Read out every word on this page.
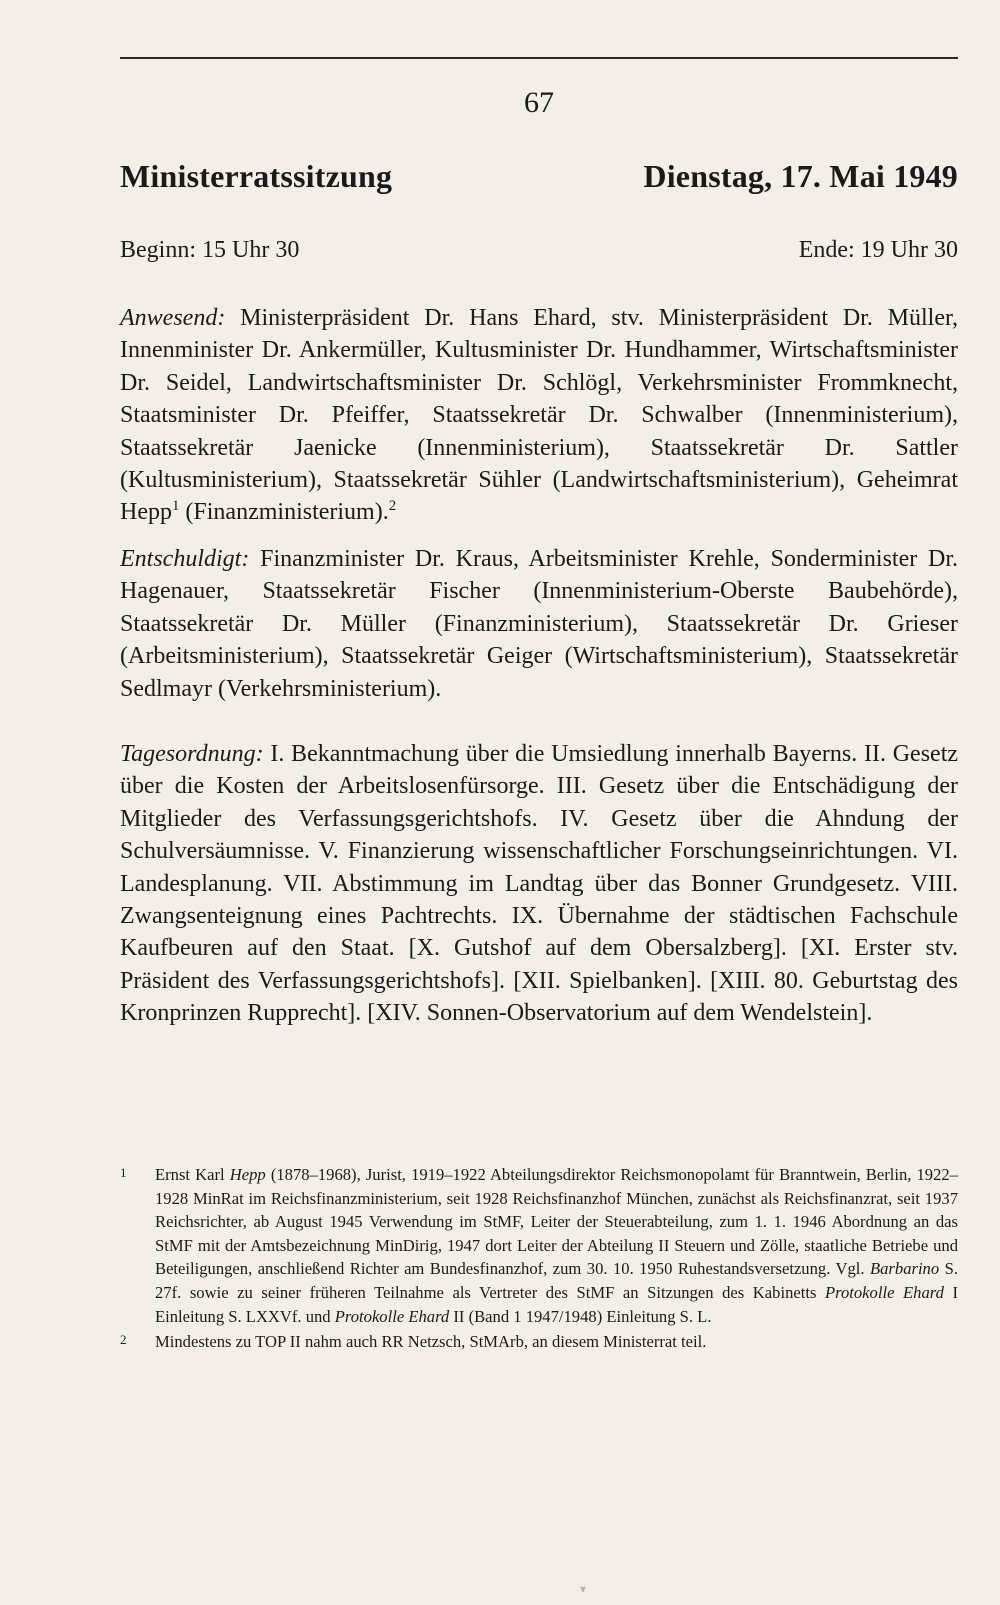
67
Ministerratssitzung	Dienstag, 17. Mai 1949
Beginn: 15 Uhr 30	Ende: 19 Uhr 30
Anwesend: Ministerpräsident Dr. Hans Ehard, stv. Ministerpräsident Dr. Müller, Innenminister Dr. Ankermüller, Kultusminister Dr. Hundhammer, Wirtschaftsminister Dr. Seidel, Landwirtschaftsminister Dr. Schlögl, Verkehrsminister Frommknecht, Staatsminister Dr. Pfeiffer, Staatssekretär Dr. Schwalber (Innenministerium), Staatssekretär Jaenicke (Innenministerium), Staatssekretär Dr. Sattler (Kultusministerium), Staatssekretär Sühler (Landwirtschaftsministerium), Geheimrat Hepp$^1$ (Finanzministerium).$^2$
Entschuldigt: Finanzminister Dr. Kraus, Arbeitsminister Krehle, Sonderminister Dr. Hagenauer, Staatssekretär Fischer (Innenministerium-Oberste Baubehörde), Staatssekretär Dr. Müller (Finanzministerium), Staatssekretär Dr. Grieser (Arbeitsministerium), Staatssekretär Geiger (Wirtschaftsministerium), Staatssekretär Sedlmayr (Verkehrsministerium).
Tagesordnung: I. Bekanntmachung über die Umsiedlung innerhalb Bayerns. II. Gesetz über die Kosten der Arbeitslosenfürsorge. III. Gesetz über die Entschädigung der Mitglieder des Verfassungsgerichtshofs. IV. Gesetz über die Ahndung der Schulversäumnisse. V. Finanzierung wissenschaftlicher Forschungseinrichtungen. VI. Landesplanung. VII. Abstimmung im Landtag über das Bonner Grundgesetz. VIII. Zwangsenteignung eines Pachtrechts. IX. Übernahme der städtischen Fachschule Kaufbeuren auf den Staat. [X. Gutshof auf dem Obersalzberg]. [XI. Erster stv. Präsident des Verfassungsgerichtshofs]. [XII. Spielbanken]. [XIII. 80. Geburtstag des Kronprinzen Rupprecht]. [XIV. Sonnen-Observatorium auf dem Wendelstein].
1	Ernst Karl Hepp (1878–1968), Jurist, 1919–1922 Abteilungsdirektor Reichsmonopolamt für Branntwein, Berlin, 1922–1928 MinRat im Reichsfinanzministerium, seit 1928 Reichsfinanzhof München, zunächst als Reichsfinanzrat, seit 1937 Reichsrichter, ab August 1945 Verwendung im StMF, Leiter der Steuerabteilung, zum 1. 1. 1946 Abordnung an das StMF mit der Amtsbezeichnung MinDirig, 1947 dort Leiter der Abteilung II Steuern und Zölle, staatliche Betriebe und Beteiligungen, anschließend Richter am Bundesfinanzhof, zum 30. 10. 1950 Ruhestandsversetzung. Vgl. Barbarino S. 27f. sowie zu seiner früheren Teilnahme als Vertreter des StMF an Sitzungen des Kabinetts Protokolle Ehard I Einleitung S. LXXVf. und Protokolle Ehard II (Band 1 1947/1948) Einleitung S. L.
2	Mindestens zu TOP II nahm auch RR Netzsch, StMArb, an diesem Ministerrat teil.
▾
